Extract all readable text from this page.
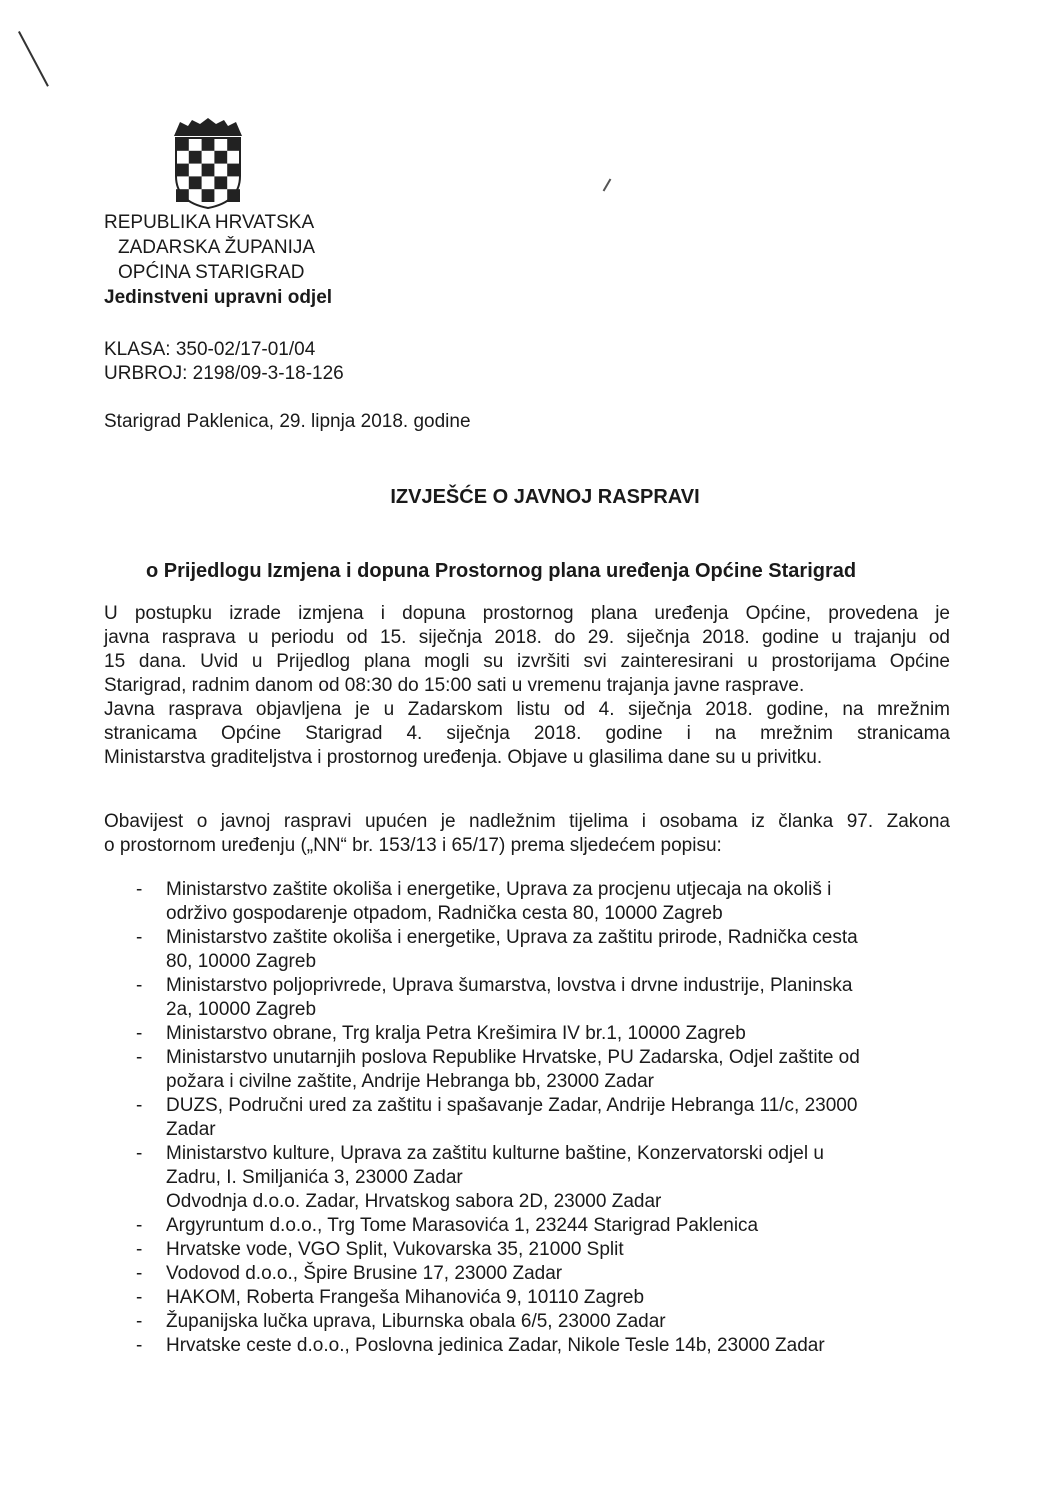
REPUBLIKA HRVATSKA
ZADARSKA ŽUPANIJA
OPĆINA STARIGRAD
Jedinstveni upravni odjel
KLASA: 350-02/17-01/04
URBROJ: 2198/09-3-18-126
Starigrad Paklenica, 29. lipnja 2018. godine
IZVJEŠĆE O JAVNOJ RASPRAVI
o Prijedlogu Izmjena i dopuna Prostornog plana uređenja Općine Starigrad
U postupku izrade izmjena i dopuna prostornog plana uređenja Općine, provedena je
javna rasprava u periodu od 15. siječnja 2018. do 29. siječnja 2018. godine u trajanju od
15 dana. Uvid u Prijedlog plana mogli su izvršiti svi zainteresirani u prostorijama Općine
Starigrad, radnim danom od 08:30 do 15:00 sati u vremenu trajanja javne rasprave.
Javna rasprava objavljena je u Zadarskom listu od 4. siječnja 2018. godine, na mrežnim
stranicama Općine Starigrad 4. siječnja 2018. godine i na mrežnim stranicama
Ministarstva graditeljstva i prostornog uređenja. Objave u glasilima dane su u privitku.
Obavijest o javnoj raspravi upućen je nadležnim tijelima i osobama iz članka 97. Zakona
o prostornom uređenju („NN“ br. 153/13 i 65/17) prema sljedećem popisu:
- Ministarstvo zaštite okoliša i energetike, Uprava za procjenu utjecaja na okoliš i
održivo gospodarenje otpadom, Radnička cesta 80, 10000 Zagreb
- Ministarstvo zaštite okoliša i energetike, Uprava za zaštitu prirode, Radnička cesta
80, 10000 Zagreb
- Ministarstvo poljoprivrede, Uprava šumarstva, lovstva i drvne industrije, Planinska
2a, 10000 Zagreb
- Ministarstvo obrane, Trg kralja Petra Krešimira IV br.1, 10000 Zagreb
- Ministarstvo unutarnjih poslova Republike Hrvatske, PU Zadarska, Odjel zaštite od
požara i civilne zaštite, Andrije Hebranga bb, 23000 Zadar
- DUZS, Područni ured za zaštitu i spašavanje Zadar, Andrije Hebranga 11/c, 23000
Zadar
- Ministarstvo kulture, Uprava za zaštitu kulturne baštine, Konzervatorski odjel u
Zadru, I. Smiljanića 3, 23000 Zadar
Odvodnja d.o.o. Zadar, Hrvatskog sabora 2D, 23000 Zadar
- Argyruntum d.o.o., Trg Tome Marasovića 1, 23244 Starigrad Paklenica
- Hrvatske vode, VGO Split, Vukovarska 35, 21000 Split
- Vodovod d.o.o., Špire Brusine 17, 23000 Zadar
- HAKOM, Roberta Frangeša Mihanovića 9, 10110 Zagreb
- Županijska lučka uprava, Liburnska obala 6/5, 23000 Zadar
- Hrvatske ceste d.o.o., Poslovna jedinica Zadar, Nikole Tesle 14b, 23000 Zadar
